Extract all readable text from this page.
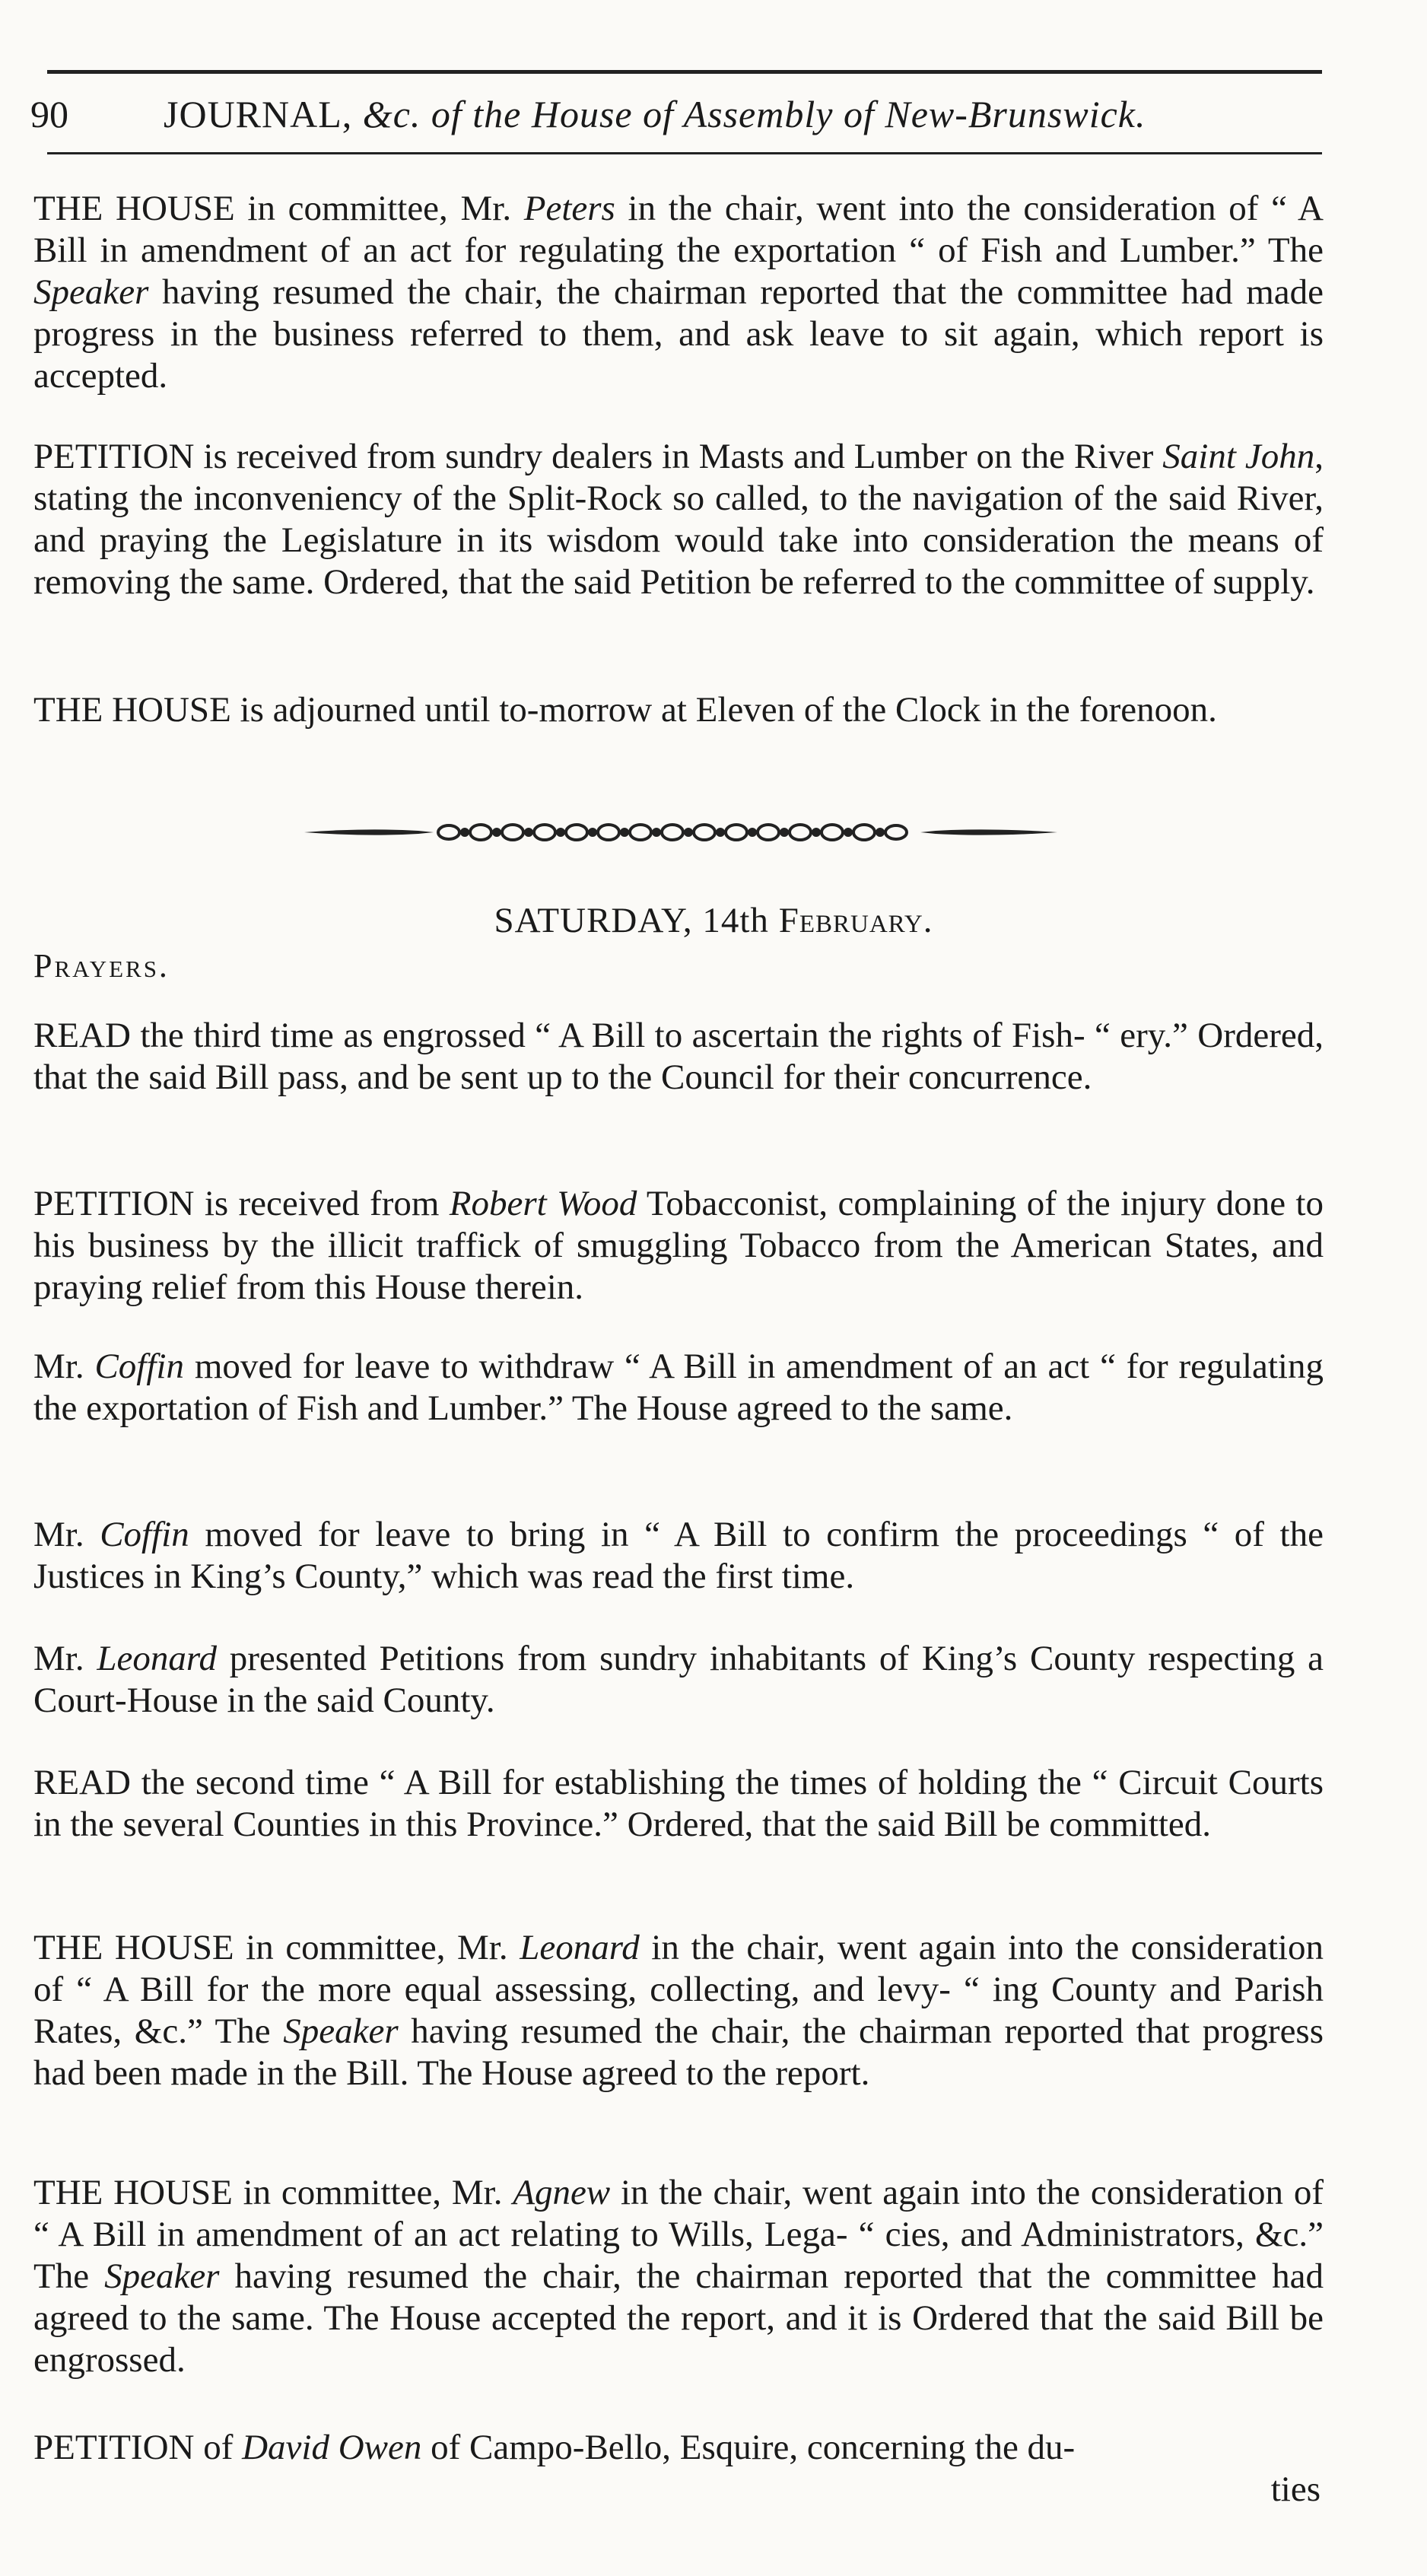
90	JOURNAL, &c. of the House of Assembly of New-Brunswick.

THE HOUSE in committee, Mr. Peters in the chair, went into the consideration of “ A Bill in amendment of an act for regulating the exportation “ of Fish and Lumber.” The Speaker having resumed the chair, the chairman reported that the committee had made progress in the business referred to them, and ask leave to sit again, which report is accepted.

PETITION is received from sundry dealers in Masts and Lumber on the River Saint John, stating the inconveniency of the Split-Rock so called, to the navigation of the said River, and praying the Legislature in its wisdom would take into consideration the means of removing the same. Ordered, that the said Petition be referred to the committee of supply.

THE HOUSE is adjourned until to-morrow at Eleven of the Clock in the forenoon.

SATURDAY, 14th February.
Prayers.

READ the third time as engrossed “ A Bill to ascertain the rights of Fish- “ ery.” Ordered, that the said Bill pass, and be sent up to the Council for their concurrence.

PETITION is received from Robert Wood Tobacconist, complaining of the injury done to his business by the illicit traffick of smuggling Tobacco from the American States, and praying relief from this House therein.

Mr. Coffin moved for leave to withdraw “ A Bill in amendment of an act “ for regulating the exportation of Fish and Lumber.” The House agreed to the same.

Mr. Coffin moved for leave to bring in “ A Bill to confirm the proceedings “ of the Justices in King’s County,” which was read the first time.

Mr. Leonard presented Petitions from sundry inhabitants of King’s County respecting a Court-House in the said County.

READ the second time “ A Bill for establishing the times of holding the “ Circuit Courts in the several Counties in this Province.” Ordered, that the said Bill be committed.

THE HOUSE in committee, Mr. Leonard in the chair, went again into the consideration of “ A Bill for the more equal assessing, collecting, and levy- “ ing County and Parish Rates, &c.” The Speaker having resumed the chair, the chairman reported that progress had been made in the Bill. The House agreed to the report.

THE HOUSE in committee, Mr. Agnew in the chair, went again into the consideration of “ A Bill in amendment of an act relating to Wills, Lega- “ cies, and Administrators, &c.” The Speaker having resumed the chair, the chairman reported that the committee had agreed to the same. The House accepted the report, and it is Ordered that the said Bill be engrossed.

PETITION of David Owen of Campo-Bello, Esquire, concerning the du-

ties
